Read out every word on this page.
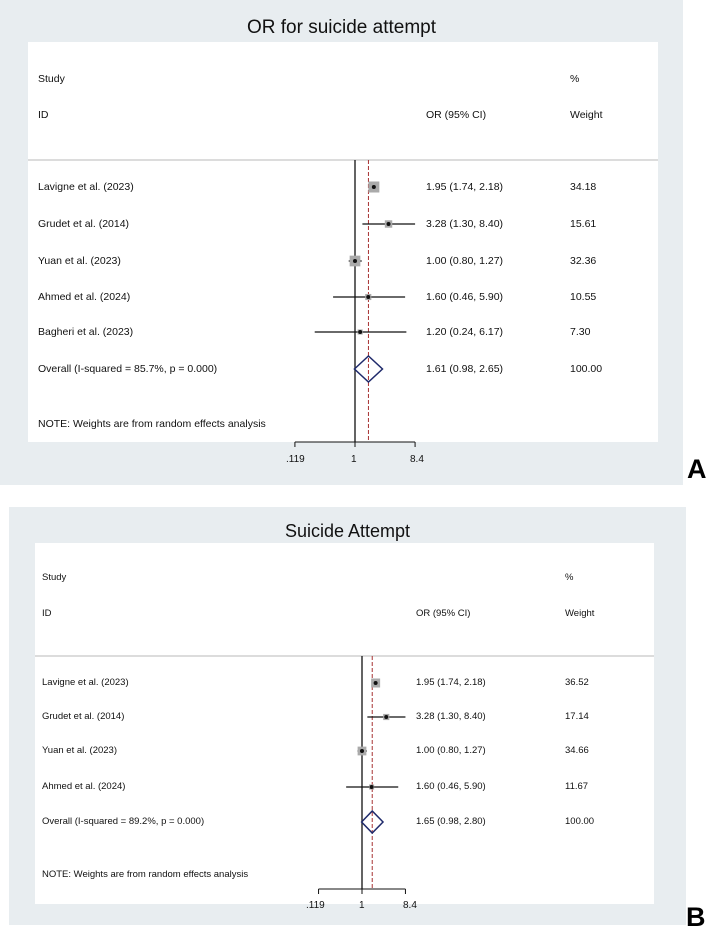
OR for suicide attempt
Study
ID	OR (95% CI)
%
Weight
Lavigne et al. (2023)	1.95 (1.74, 2.18)	34.18
Grudet et al. (2014)	3.28 (1.30, 8.40)	15.61
Yuan et al. (2023)	1.00 (0.80, 1.27)	32.36
Ahmed et al. (2024)	1.60 (0.46, 5.90)	10.55
Bagheri et al. (2023)	1.20 (0.24, 6.17)	7.30
Overall (I-squared = 85.7%, p = 0.000)	1.61 (0.98, 2.65)	100.00
NOTE: Weights are from random effects analysis
.119	1	8.4	A
Suicide Attempt
Study
ID	OR (95% CI)
%
Weight
Lavigne et al. (2023)	1.95 (1.74, 2.18)	36.52
Grudet et al. (2014)	3.28 (1.30, 8.40)	17.14
Yuan et al. (2023)	1.00 (0.80, 1.27)	34.66
Ahmed et al. (2024)	1.60 (0.46, 5.90)	11.67
Overall (I-squared = 89.2%, p = 0.000)	1.65 (0.98, 2.80)	100.00
NOTE: Weights are from random effects analysis
.119	1	8.4	B
